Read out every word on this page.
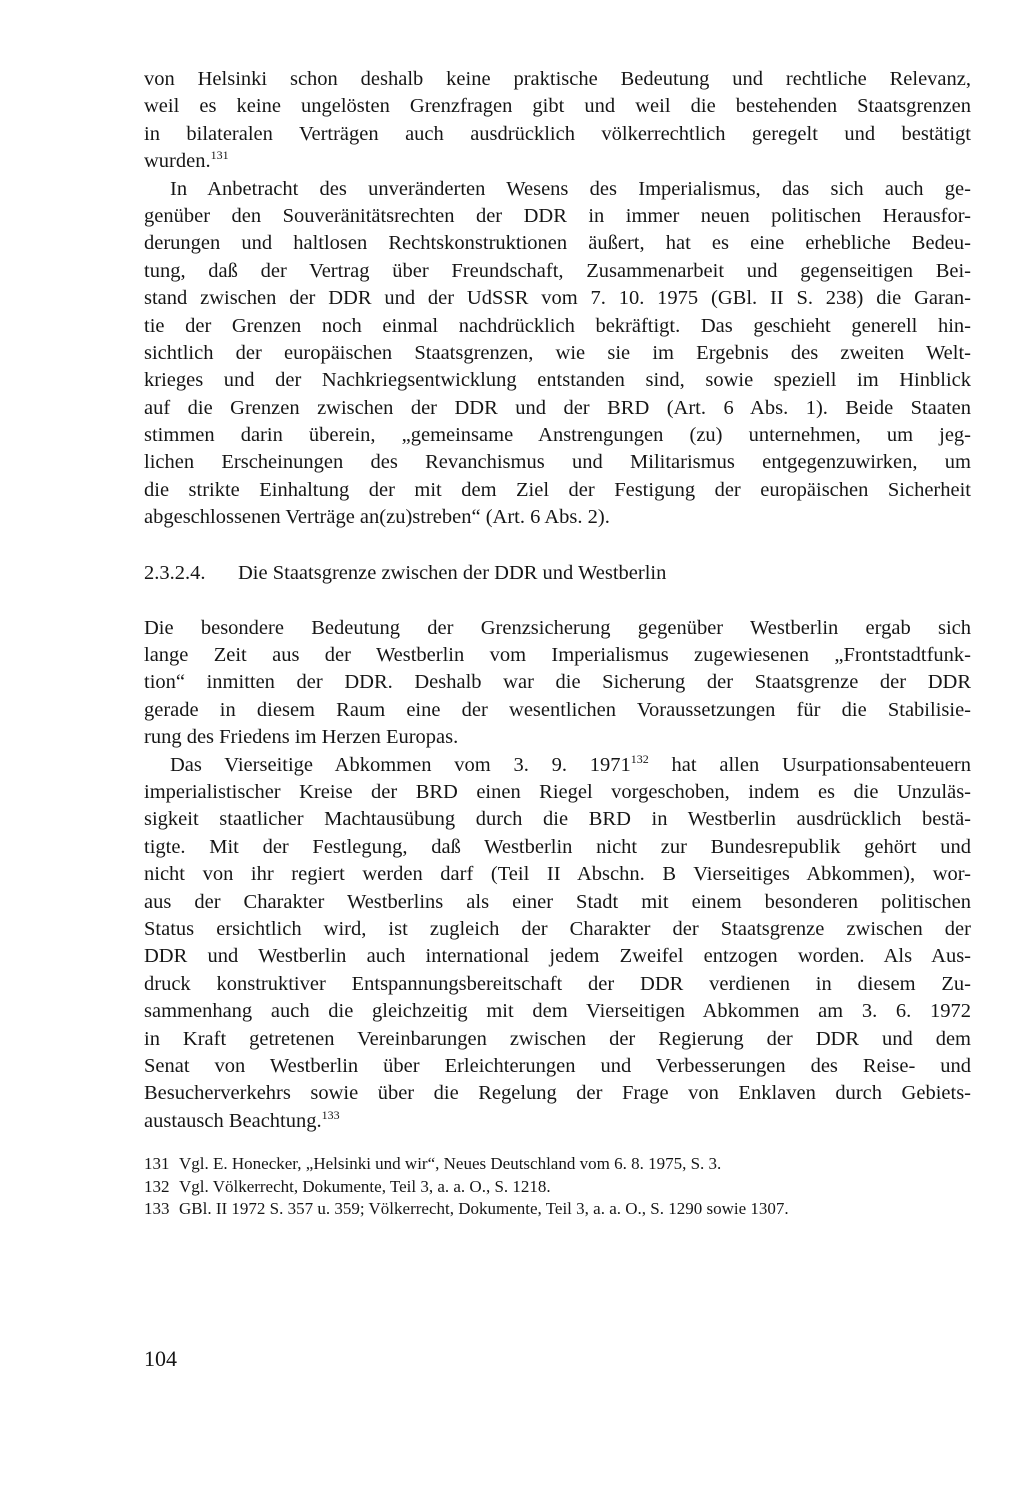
von Helsinki schon deshalb keine praktische Bedeutung und rechtliche Relevanz,
weil es keine ungelösten Grenzfragen gibt und weil die bestehenden Staatsgrenzen
in bilateralen Verträgen auch ausdrücklich völkerrechtlich geregelt und bestätigt
wurden.$^{131}$
In Anbetracht des unveränderten Wesens des Imperialismus, das sich auch ge-
genüber den Souveränitätsrechten der DDR in immer neuen politischen Herausfor-
derungen und haltlosen Rechtskonstruktionen äußert, hat es eine erhebliche Bedeu-
tung, daß der Vertrag über Freundschaft, Zusammenarbeit und gegenseitigen Bei-
stand zwischen der DDR und der UdSSR vom 7. 10. 1975 (GBl. II S. 238) die Garan-
tie der Grenzen noch einmal nachdrücklich bekräftigt. Das geschieht generell hin-
sichtlich der europäischen Staatsgrenzen, wie sie im Ergebnis des zweiten Welt-
krieges und der Nachkriegsentwicklung entstanden sind, sowie speziell im Hinblick
auf die Grenzen zwischen der DDR und der BRD (Art. 6 Abs. 1). Beide Staaten
stimmen darin überein, „gemeinsame Anstrengungen (zu) unternehmen, um jeg-
lichen Erscheinungen des Revanchismus und Militarismus entgegenzuwirken, um
die strikte Einhaltung der mit dem Ziel der Festigung der europäischen Sicherheit
abgeschlossenen Verträge an(zu)streben“ (Art. 6 Abs. 2).
2.3.2.4. Die Staatsgrenze zwischen der DDR und Westberlin
Die besondere Bedeutung der Grenzsicherung gegenüber Westberlin ergab sich
lange Zeit aus der Westberlin vom Imperialismus zugewiesenen „Frontstadtfunk-
tion“ inmitten der DDR. Deshalb war die Sicherung der Staatsgrenze der DDR
gerade in diesem Raum eine der wesentlichen Voraussetzungen für die Stabilisie-
rung des Friedens im Herzen Europas.
Das Vierseitige Abkommen vom 3. 9. 1971$^{132}$ hat allen Usurpationsabenteuern
imperialistischer Kreise der BRD einen Riegel vorgeschoben, indem es die Unzuläs-
sigkeit staatlicher Machtausübung durch die BRD in Westberlin ausdrücklich bestä-
tigte. Mit der Festlegung, daß Westberlin nicht zur Bundesrepublik gehört und
nicht von ihr regiert werden darf (Teil II Abschn. B Vierseitiges Abkommen), wor-
aus der Charakter Westberlins als einer Stadt mit einem besonderen politischen
Status ersichtlich wird, ist zugleich der Charakter der Staatsgrenze zwischen der
DDR und Westberlin auch international jedem Zweifel entzogen worden. Als Aus-
druck konstruktiver Entspannungsbereitschaft der DDR verdienen in diesem Zu-
sammenhang auch die gleichzeitig mit dem Vierseitigen Abkommen am 3. 6. 1972
in Kraft getretenen Vereinbarungen zwischen der Regierung der DDR und dem
Senat von Westberlin über Erleichterungen und Verbesserungen des Reise- und
Besucherverkehrs sowie über die Regelung der Frage von Enklaven durch Gebiets-
austausch Beachtung.$^{133}$
131 Vgl. E. Honecker, „Helsinki und wir“, Neues Deutschland vom 6. 8. 1975, S. 3.
132 Vgl. Völkerrecht, Dokumente, Teil 3, a. a. O., S. 1218.
133 GBl. II 1972 S. 357 u. 359; Völkerrecht, Dokumente, Teil 3, a. a. O., S. 1290 sowie 1307.
104
